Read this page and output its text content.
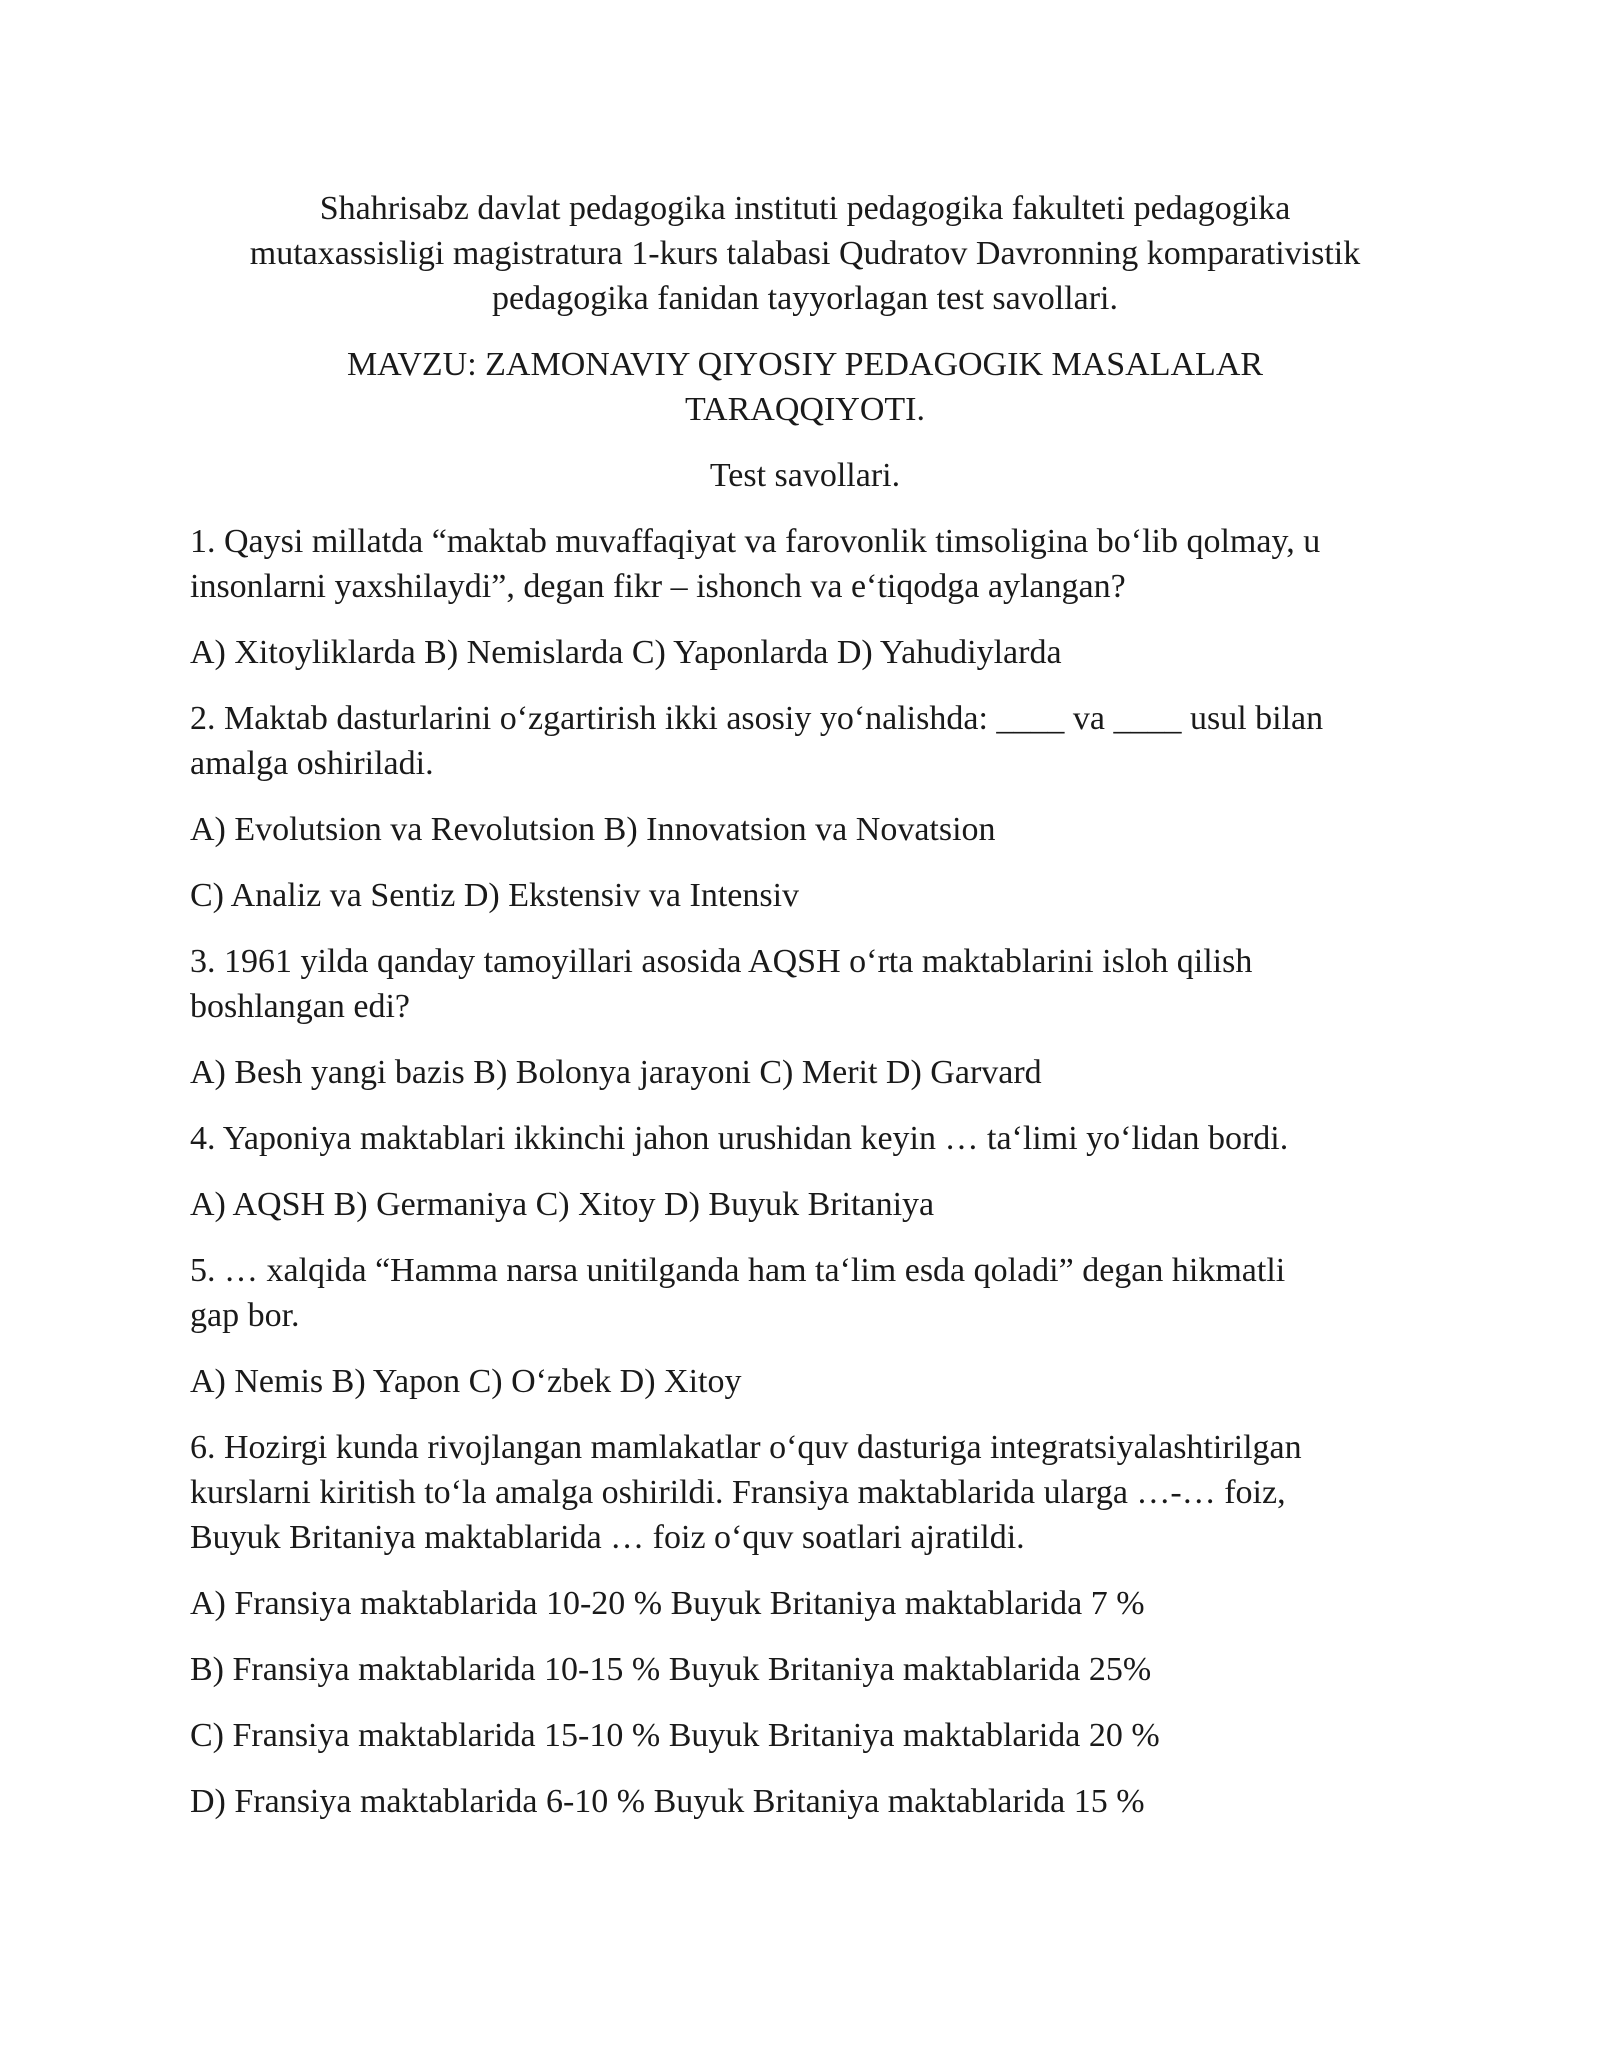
Shahrisabz davlat pedagogika instituti pedagogika fakulteti pedagogika
mutaxassisligi magistratura 1-kurs talabasi Qudratov Davronning komparativistik
pedagogika fanidan tayyorlagan test savollari.
MAVZU: ZAMONAVIY QIYOSIY PEDAGOGIK MASALALAR
TARAQQIYOTI.
Test savollari.

1. Qaysi millatda “maktab muvaffaqiyat va farovonlik timsoligina bo‘lib qolmay, u
insonlarni yaxshilaydi”, degan fikr – ishonch va e‘tiqodga aylangan?

A) Xitoyliklarda B) Nemislarda C) Yaponlarda D) Yahudiylarda

2. Maktab dasturlarini o‘zgartirish ikki asosiy yo‘nalishda: ____ va ____ usul bilan
amalga oshiriladi.

A) Evolutsion va Revolutsion B) Innovatsion va Novatsion

C) Analiz va Sentiz D) Ekstensiv va Intensiv

3. 1961 yilda qanday tamoyillari asosida AQSH o‘rta maktablarini isloh qilish
boshlangan edi?

A) Besh yangi bazis B) Bolonya jarayoni C) Merit D) Garvard

4. Yaponiya maktablari ikkinchi jahon urushidan keyin … ta‘limi yo‘lidan bordi.

A) AQSH B) Germaniya C) Xitoy D) Buyuk Britaniya

5. … xalqida “Hamma narsa unitilganda ham ta‘lim esda qoladi” degan hikmatli
gap bor.

A) Nemis B) Yapon C) O‘zbek D) Xitoy

6. Hozirgi kunda rivojlangan mamlakatlar o‘quv dasturiga integratsiyalashtirilgan
kurslarni kiritish to‘la amalga oshirildi. Fransiya maktablarida ularga …-… foiz,
Buyuk Britaniya maktablarida … foiz o‘quv soatlari ajratildi.

A) Fransiya maktablarida 10-20 % Buyuk Britaniya maktablarida 7 %

B) Fransiya maktablarida 10-15 % Buyuk Britaniya maktablarida 25%

C) Fransiya maktablarida 15-10 % Buyuk Britaniya maktablarida 20 %

D) Fransiya maktablarida 6-10 % Buyuk Britaniya maktablarida 15 %
